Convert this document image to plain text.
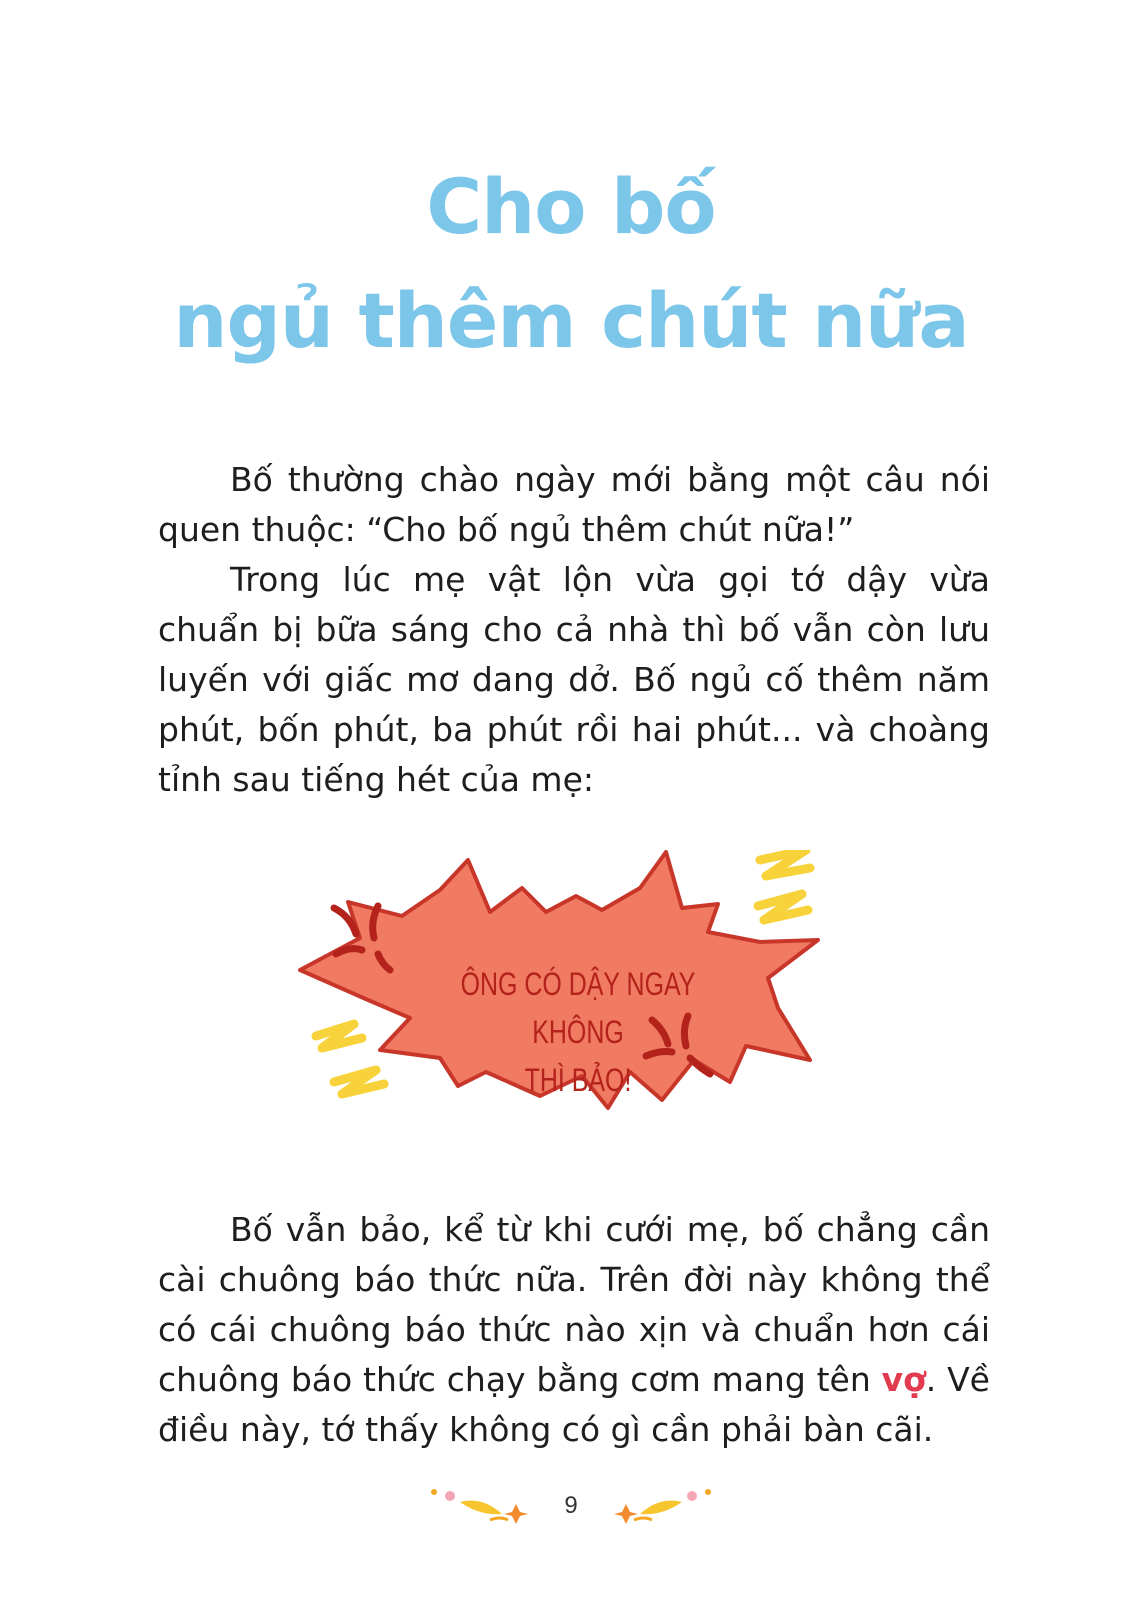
Cho bố
ngủ thêm chút nữa

Bố thường chào ngày mới bằng một câu nói quen thuộc: “Cho bố ngủ thêm chút nữa!”

Trong lúc mẹ vật lộn vừa gọi tớ dậy vừa chuẩn bị bữa sáng cho cả nhà thì bố vẫn còn lưu luyến với giấc mơ dang dở. Bố ngủ cố thêm năm phút, bốn phút, ba phút rồi hai phút... và choàng tỉnh sau tiếng hét của mẹ:

ÔNG CÓ DẬY NGAY KHÔNG
THÌ BẢO!

Bố vẫn bảo, kể từ khi cưới mẹ, bố chẳng cần cài chuông báo thức nữa. Trên đời này không thể có cái chuông báo thức nào xịn và chuẩn hơn cái chuông báo thức chạy bằng cơm mang tên vợ. Về điều này, tớ thấy không có gì cần phải bàn cãi.

9
